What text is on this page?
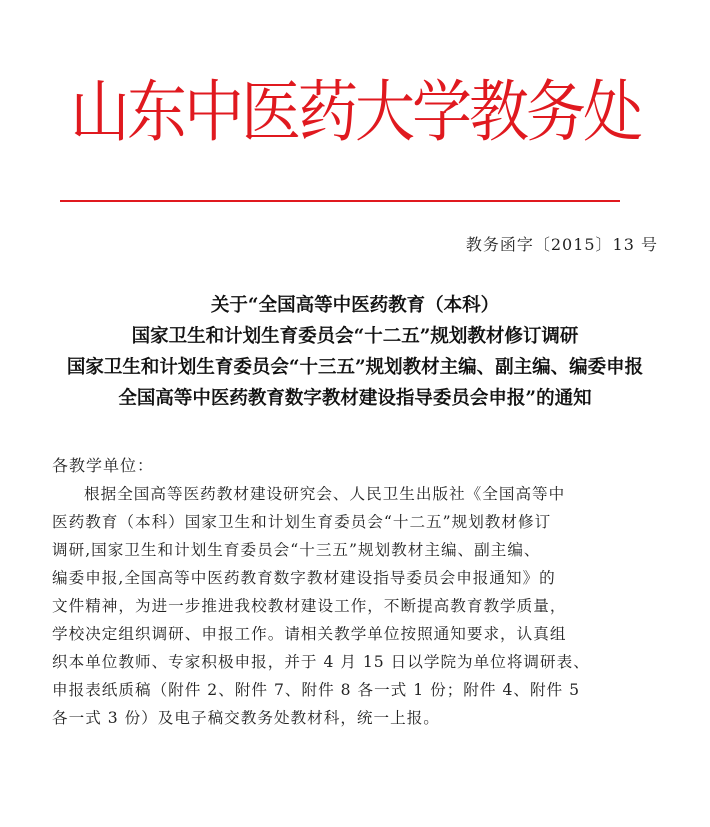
山东中医药大学教务处
教务函字〔2015〕13 号
关于“全国高等中医药教育（本科）
国家卫生和计划生育委员会“十二五”规划教材修订调研
国家卫生和计划生育委员会“十三五”规划教材主编、副主编、编委申报
全国高等中医药教育数字教材建设指导委员会申报”的通知
各教学单位：
根据全国高等医药教材建设研究会、人民卫生出版社《全国高等中
医药教育（本科）国家卫生和计划生育委员会“十二五”规划教材修订
调研,国家卫生和计划生育委员会“十三五”规划教材主编、副主编、
编委申报,全国高等中医药教育数字教材建设指导委员会申报通知》的
文件精神，为进一步推进我校教材建设工作，不断提高教育教学质量，
学校决定组织调研、申报工作。请相关教学单位按照通知要求，认真组
织本单位教师、专家积极申报，并于 4 月 15 日以学院为单位将调研表、
申报表纸质稿（附件 2、附件 7、附件 8 各一式 1 份；附件 4、附件 5
各一式 3 份）及电子稿交教务处教材科，统一上报。
